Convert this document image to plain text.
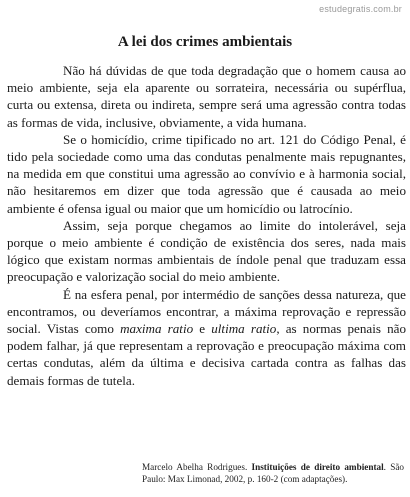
estudegratis.com.br
A lei dos crimes ambientais

Não há dúvidas de que toda degradação que o homem causa ao meio ambiente, seja ela aparente ou sorrateira, necessária ou supérflua, curta ou extensa, direta ou indireta, sempre será uma agressão contra todas as formas de vida, inclusive, obviamente, a vida humana.

Se o homicídio, crime tipificado no art. 121 do Código Penal, é tido pela sociedade como uma das condutas penalmente mais repugnantes, na medida em que constitui uma agressão ao convívio e à harmonia social, não hesitaremos em dizer que toda agressão que é causada ao meio ambiente é ofensa igual ou maior que um homicídio ou latrocínio.

Assim, seja porque chegamos ao limite do intolerável, seja porque o meio ambiente é condição de existência dos seres, nada mais lógico que existam normas ambientais de índole penal que traduzam essa preocupação e valorização social do meio ambiente.

É na esfera penal, por intermédio de sanções dessa natureza, que encontramos, ou deveríamos encontrar, a máxima reprovação e repressão social. Vistas como maxima ratio e ultima ratio, as normas penais não podem falhar, já que representam a reprovação e preocupação máxima com certas condutas, além da última e decisiva cartada contra as falhas das demais formas de tutela.

Marcelo Abelha Rodrigues. Instituições de direito ambiental. São Paulo: Max Limonad, 2002, p. 160-2 (com adaptações).
